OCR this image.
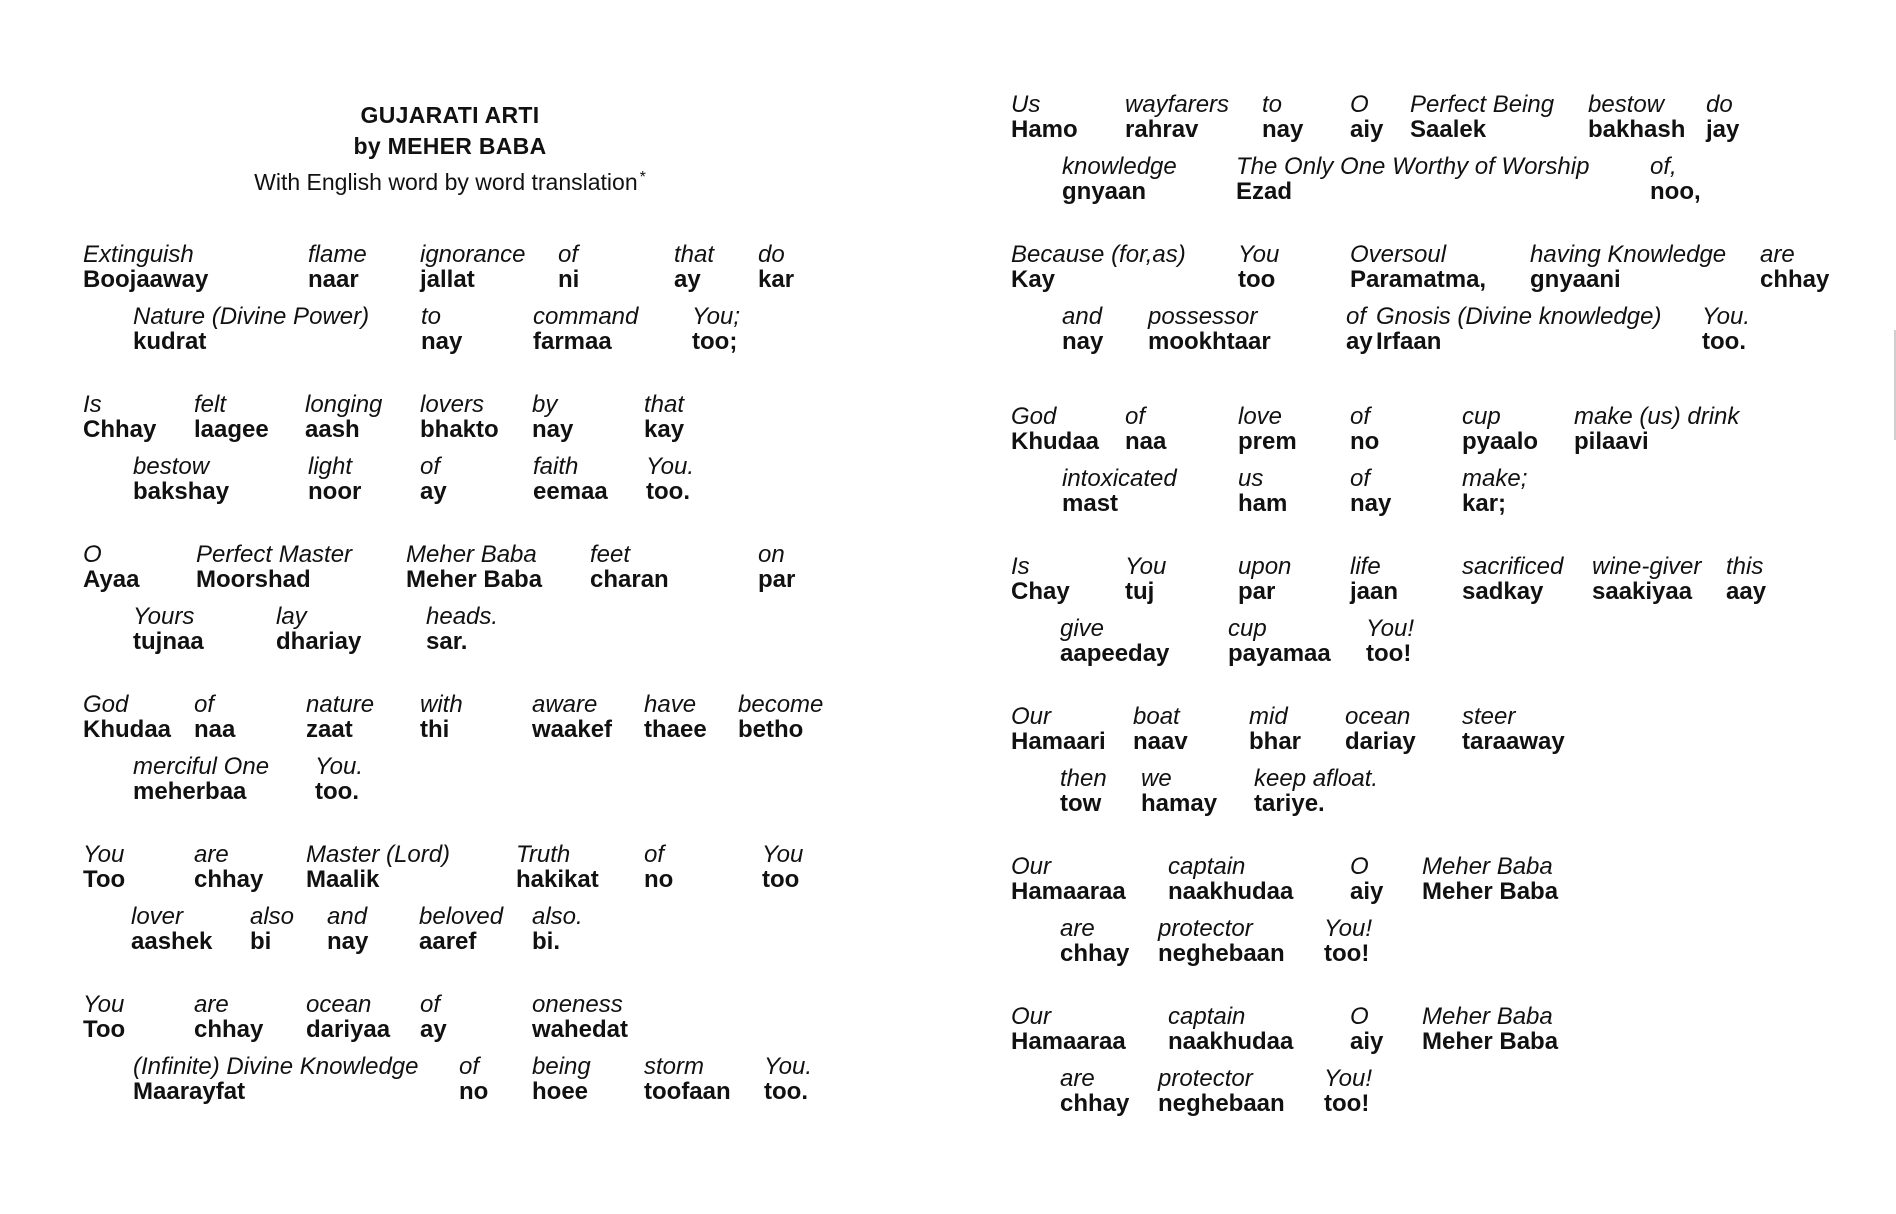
GUJARATI ARTI
by MEHER BABA
With English word by word translation *
Extinguish
Boojaaway
flame
naar
ignorance
jallat
of
ni
that
ay
do
kar
Nature (Divine Power)
kudrat
to
nay
command
farmaa
You;
too;
Is
Chhay
felt
laagee
longing
aash
lovers
bhakto
by
nay
that
kay
bestow
bakshay
light
noor
of
ay
faith
eemaa
You.
too.
O
Ayaa
Perfect Master
Moorshad
Meher Baba
Meher Baba
feet
charan
on
par
Yours
tujnaa
lay
dhariay
heads.
sar.
God
Khudaa
of
naa
nature
zaat
with
thi
aware
waakef
have
thaee
become
betho
merciful One
meherbaa
You.
too.
You
Too
are
chhay
Master (Lord)
Maalik
Truth
hakikat
of
no
You
too
lover
aashek
also
bi
and
nay
beloved
aaref
also.
bi.
You
Too
are
chhay
ocean
dariyaa
of
ay
oneness
wahedat
(Infinite) Divine Knowledge
Maarayfat
of
no
being
hoee
storm
toofaan
You.
too.
Us
Hamo
wayfarers
rahrav
to
nay
O
aiy
Perfect Being
Saalek
bestow
bakhash
do
jay
knowledge
gnyaan
The Only One Worthy of Worship
Ezad
of,
noo,
Because (for,as)
Kay
You
too
Oversoul
Paramatma,
having Knowledge
gnyaani
are
chhay
and
nay
possessor
mookhtaar
of
ay
Gnosis (Divine knowledge)
Irfaan
You.
too.
God
Khudaa
of
naa
love
prem
of
no
cup
pyaalo
make (us) drink
pilaavi
intoxicated
mast
us
ham
of
nay
make;
kar;
Is
Chay
You
tuj
upon
par
life
jaan
sacrificed
sadkay
wine-giver
saakiyaa
this
aay
give
aapeeday
cup
payamaa
You!
too!
Our
Hamaari
boat
naav
mid
bhar
ocean
dariay
steer
taraaway
then
tow
we
hamay
keep afloat.
tariye.
Our
Hamaaraa
captain
naakhudaa
O
aiy
Meher Baba
Meher Baba
are
chhay
protector
neghebaan
You!
too!
Our
Hamaaraa
captain
naakhudaa
O
aiy
Meher Baba
Meher Baba
are
chhay
protector
neghebaan
You!
too!
